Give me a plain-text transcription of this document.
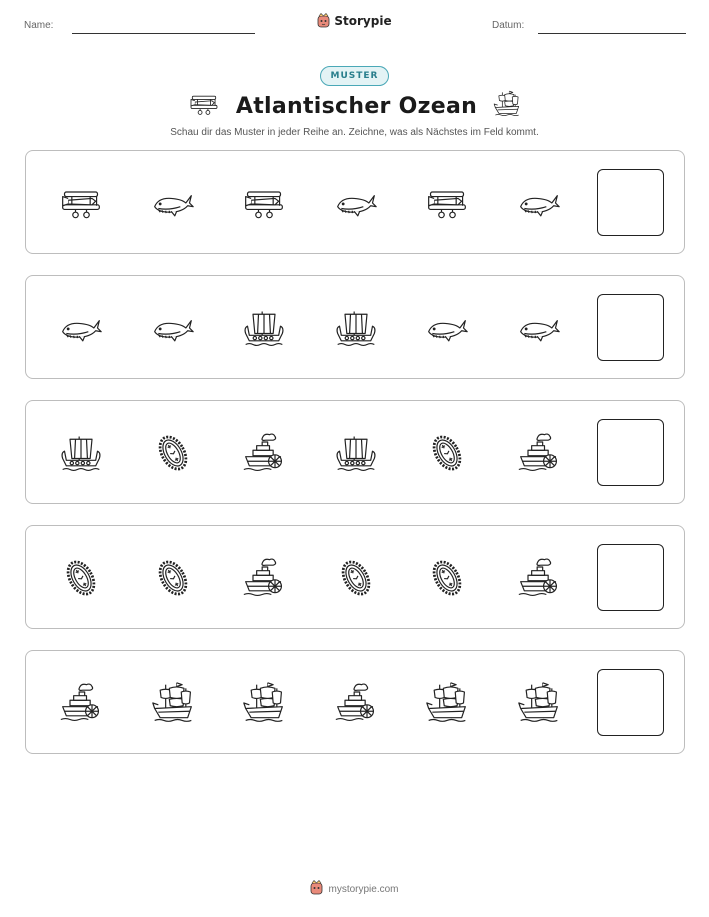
Name:	Storypie	Datum:
MUSTER
Atlantischer Ozean

Schau dir das Muster in jeder Reihe an. Zeichne, was als Nächstes im Feld kommt.

mystorypie.com
